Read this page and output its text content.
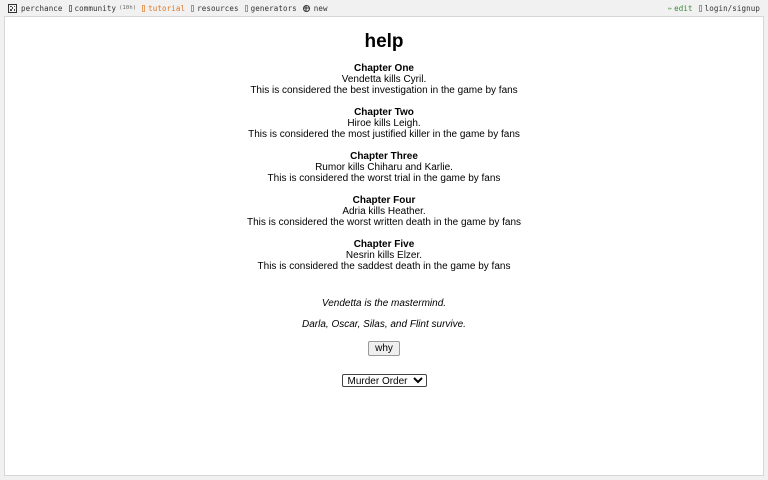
perchance community (10h) tutorial resources generators new	✏ edit login/signup
help
Chapter One
Vendetta kills Cyril.
This is considered the best investigation in the game by fans
Chapter Two
Hiroe kills Leigh.
This is considered the most justified killer in the game by fans
Chapter Three
Rumor kills Chiharu and Karlie.
This is considered the worst trial in the game by fans
Chapter Four
Adria kills Heather.
This is considered the worst written death in the game by fans
Chapter Five
Nesrin kills Elzer.
This is considered the saddest death in the game by fans
Vendetta is the mastermind.
Darla, Oscar, Silas, and Flint survive.
why
Murder Order
